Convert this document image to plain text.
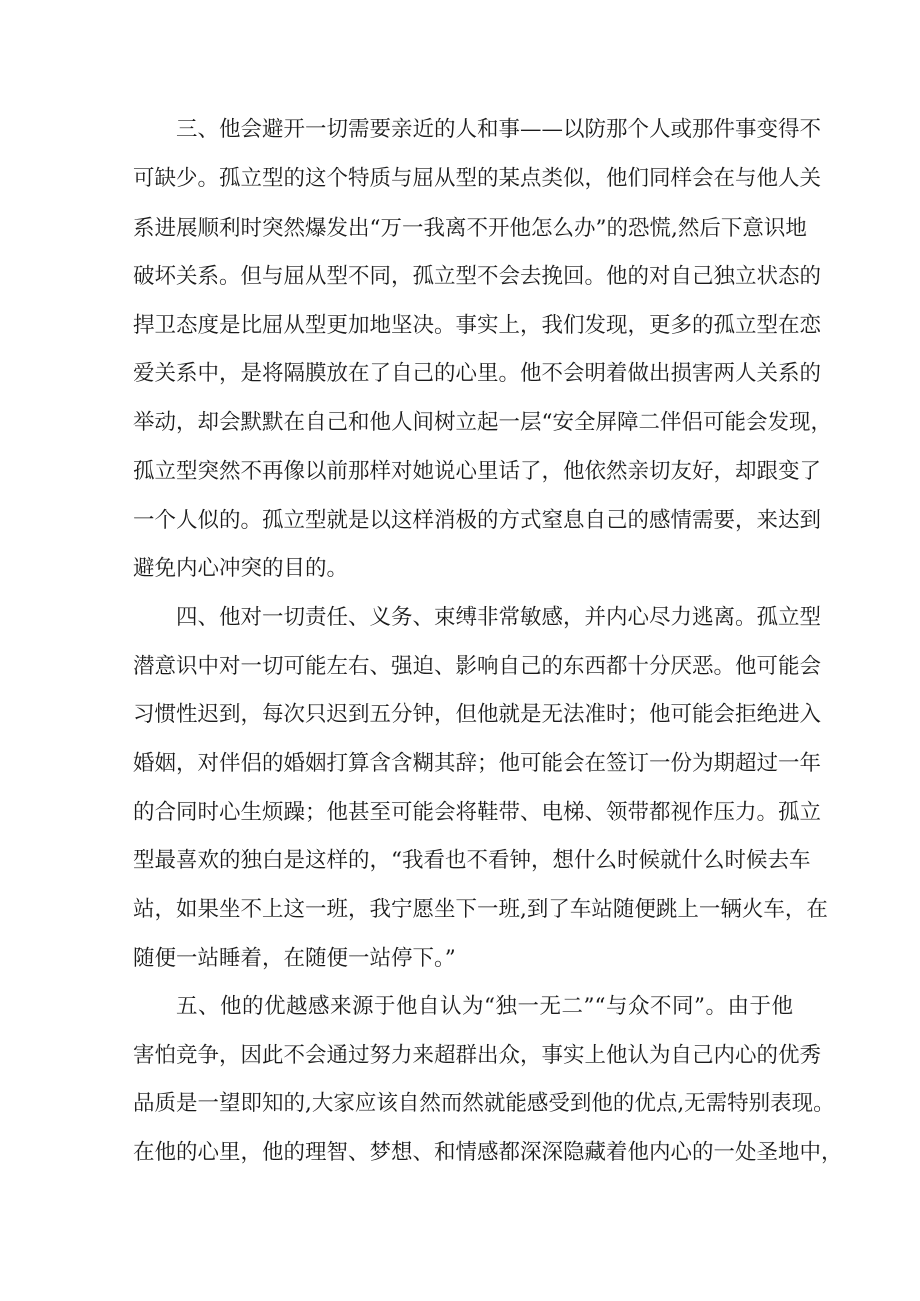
三、他会避开一切需要亲近的人和事——以防那个人或那件事变得不
可缺少。孤立型的这个特质与屈从型的某点类似，他们同样会在与他人关
系进展顺利时突然爆发出“万一我离不开他怎么办”的恐慌,然后下意识地
破坏关系。但与屈从型不同，孤立型不会去挽回。他的对自己独立状态的
捍卫态度是比屈从型更加地坚决。事实上，我们发现，更多的孤立型在恋
爱关系中，是将隔膜放在了自己的心里。他不会明着做出损害两人关系的
举动，却会默默在自己和他人间树立起一层“安全屏障二伴侣可能会发现，
孤立型突然不再像以前那样对她说心里话了，他依然亲切友好，却跟变了
一个人似的。孤立型就是以这样消极的方式窒息自己的感情需要，来达到
避免内心冲突的目的。
四、他对一切责任、义务、束缚非常敏感，并内心尽力逃离。孤立型
潜意识中对一切可能左右、强迫、影响自己的东西都十分厌恶。他可能会
习惯性迟到，每次只迟到五分钟，但他就是无法准时；他可能会拒绝进入
婚姻，对伴侣的婚姻打算含含糊其辞；他可能会在签订一份为期超过一年
的合同时心生烦躁；他甚至可能会将鞋带、电梯、领带都视作压力。孤立
型最喜欢的独白是这样的，“我看也不看钟，想什么时候就什么时候去车
站，如果坐不上这一班，我宁愿坐下一班,到了车站随便跳上一辆火车，在
随便一站睡着，在随便一站停下。”
五、他的优越感来源于他自认为“独一无二”“与众不同”。由于他
害怕竞争，因此不会通过努力来超群出众，事实上他认为自己内心的优秀
品质是一望即知的,大家应该自然而然就能感受到他的优点,无需特别表现。
在他的心里，他的理智、梦想、和情感都深深隐藏着他内心的一处圣地中，
